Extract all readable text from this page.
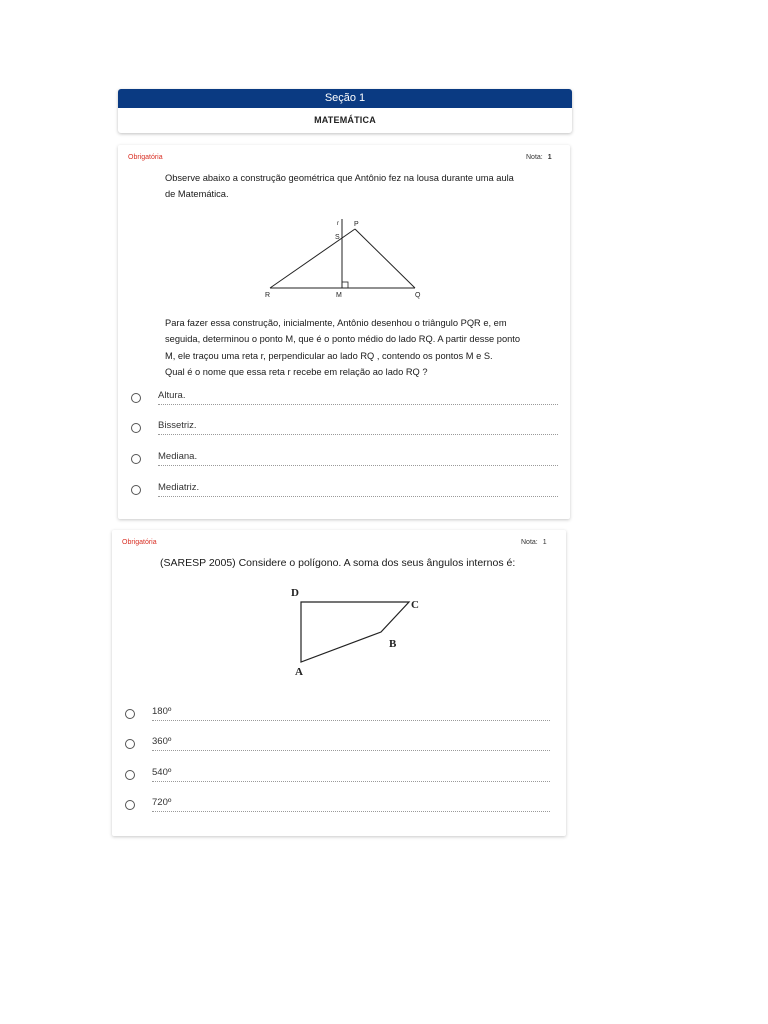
Seção 1
MATEMÁTICA
Obrigatória	Nota: 1

Observe abaixo a construção geométrica que Antônio fez na lousa durante uma aula

de Matemática.

r P
S
R	M	Q

Para fazer essa construção, inicialmente, Antônio desenhou o triângulo PQR e, em

seguida, determinou o ponto M, que é o ponto médio do lado RQ. A partir desse ponto

M, ele traçou uma reta r, perpendicular ao lado RQ , contendo os pontos M e S.

Qual é o nome que essa reta r recebe em relação ao lado RQ ?

Altura.
Bissetriz.
Mediana.
Mediatriz.
Obrigatória	Nota: 1
(SARESP 2005) Considere o polígono. A soma dos seus ângulos internos é:
D
C
B
A
180º
360º
540º
720º
